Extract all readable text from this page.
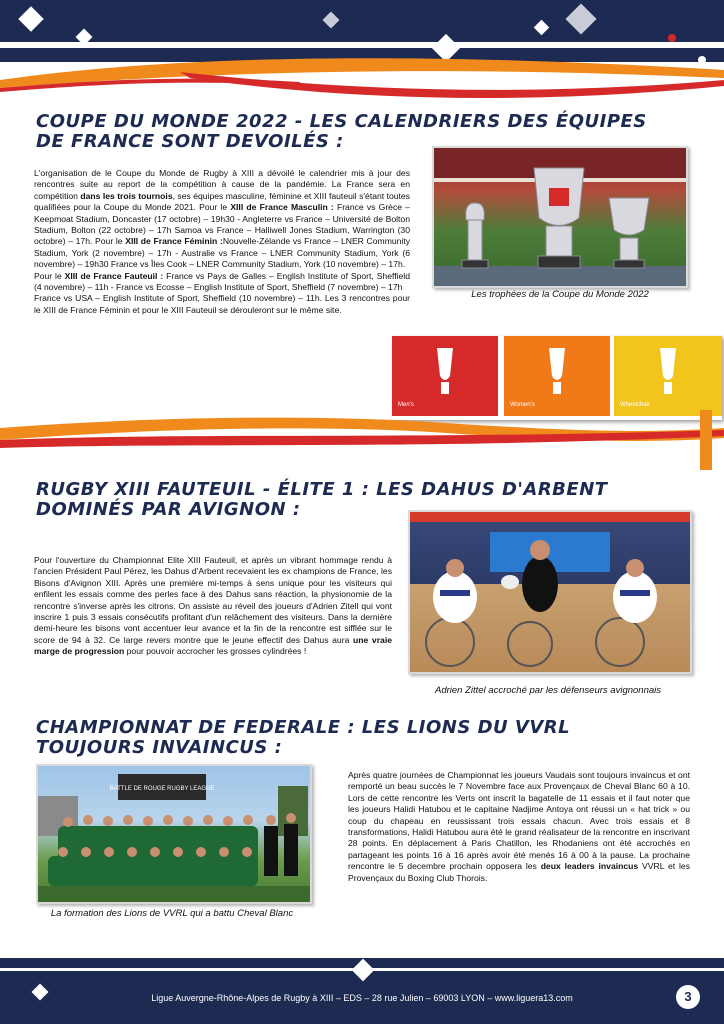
COUPE DU MONDE 2022 - LES CALENDRIERS DES ÉQUIPES DE FRANCE SONT DEVOILÉS :

L'organisation de le Coupe du Monde de Rugby à XIII a dévoilé le calendrier mis à jour des rencontres suite au report de la compétition à cause de la pandémie. La France sera en compétition dans les trois tournois, ses équipes masculine, féminine et XIII fauteuil s'étant toutes qualifiées pour la Coupe du Monde 2021. Pour le XIII de France Masculin : France vs Grèce – Keepmoat Stadium, Doncaster (17 octobre) – 19h30 - Angleterre vs France – Université de Bolton Stadium, Bolton (22 octobre) – 17h Samoa vs France – Halliwell Jones Stadium, Warrington (30 octobre) – 17h. Pour le XIII de France Féminin :Nouvelle-Zélande vs France – LNER Community Stadium, York (2 novembre) – 17h - Australie vs France – LNER Community Stadium, York (6 novembre) – 19h30 France vs Îles Cook – LNER Community Stadium, York (10 novembre) – 17h.

Pour le XIII de France Fauteuil : France vs Pays de Galles – English Institute of Sport, Sheffield (4 novembre) – 11h - France vs Ecosse – English Institute of Sport, Sheffield (7 novembre) – 17h

France vs USA – English Institute of Sport, Sheffield (10 novembre) – 11h. Les 3 rencontres pour le XIII de France Féminin et pour le XIII Fauteuil se dérouleront sur le même site.

Les trophées de la Coupe du Monde 2022
Men's	Women's	Wheelchair
RUGBY XIII FAUTEUIL - ÉLITE 1 : LES DAHUS D'ARBENT DOMINÉS PAR AVIGNON :

Pour l'ouverture du Championnat Elite XIII Fauteuil, et après un vibrant hommage rendu à l'ancien Président Paul Pérez, les Dahus d'Arbent recevaient les ex champions de France, les Bisons d'Avignon XIII. Après une première mi-temps à sens unique pour les visiteurs qui enfilent les essais comme des perles face à des Dahus sans réaction, la physionomie de la rencontre s'inverse après les citrons. On assiste au réveil des joueurs d'Adrien Zitell qui vont inscrire 1 puis 3 essais consécutifs profitant d'un relâchement des visiteurs. Dans la dernière demi-heure les bisons vont accentuer leur avance et la fin de la rencontre est sifflée sur le score de 94 à 32. Ce large revers montre que le jeune effectif des Dahus aura une vraie marge de progression pour pouvoir accrocher les grosses cylindrées !

Adrien Zittel accroché par les défenseurs avignonnais
CHAMPIONNAT DE FEDERALE : LES LIONS DU VVRL TOUJOURS INVAINCUS :
BATTLE DE ROUGE RUGBY LEAGUE
La formation des Lions de VVRL qui a battu Cheval Blanc

Après quatre journées de Championnat les joueurs Vaudais sont toujours invaincus et ont remporté un beau succès le 7 Novembre face aux Provençaux de Cheval Blanc 60 à 10. Lors de cette rencontre les Verts ont inscrit la bagatelle de 11 essais et il faut noter que les joueurs Halidi Hatubou et le capitaine Nadjime Antoya ont réussi un « hat trick » ou coup du chapeau en reussissant trois essais chacun. Avec trois essais et 8 transformations, Halidi Hatubou aura été le grand réalisateur de la rencontre en inscrivant 28 points. En déplacement à Paris Chatillon, les Rhodaniens ont été accrochés en partageant les points 16 à 16 après avoir été menés 16 à 00 à la pause. La prochaine rencontre le 5 decembre prochain opposera les deux leaders invaincus VVRL et les Provençaux du Boxing Club Thorois.

Ligue Auvergne-Rhône-Alpes de Rugby à XIII – EDS – 28 rue Julien – 69003 LYON – www.liguera13.com	3
